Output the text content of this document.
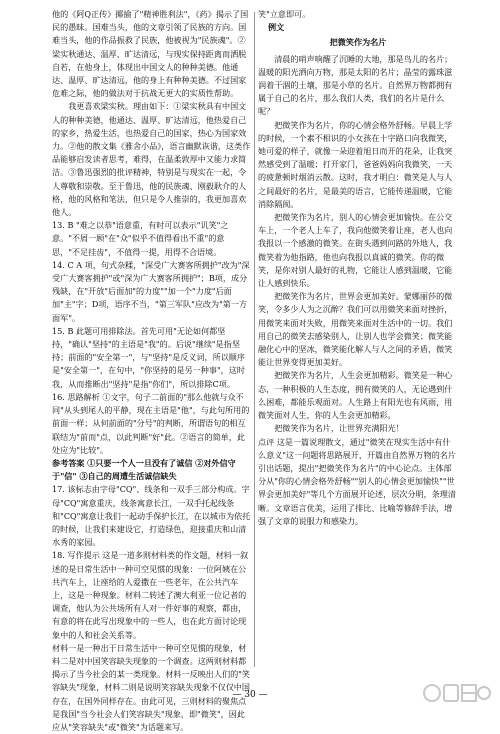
他的《阿Q正传》揶揄了"精神胜利法"，《药》揭示了国民的愚昧。国难当头，他的文章引领了民族的方向。国难当头，他的作品振救了民族，他被视为"民族魂"。②梁实秋通达、温厚、旷达清远，与现实保持距离而洒脱自若，在他身上，体现出中国文人的种种美德。他通达、温厚、旷达清远，他的身上有种种美德。不过国家危难之际，他的做法对于抗战无更大的实质性帮助。

我更喜欢梁实秋。理由如下：①梁实秋具有中国文人的种种美德，他通达、温厚、旷达清远，他热爱自己的家乡，热爱生活，也热爱自己的国家，热心为国家效力。②他的散文集《雅舍小品》，语言幽默诙谐，这类作品能够启发读者思考，难得，在温柔敦厚中又能力求简洁。③鲁迅强烈的批评精神，特别是与现实在一起，令人尊敬和崇敬。至于鲁迅，他的民族魂、刚毅耿介的人格，他的风格和笔法，但只是令人推崇的，我更加喜欢他人。

13. B "难之以恭"语意重，有时可以表示"讥笑"之意。"不屑一顾"在"众"似乎不值得看出不重"的意思，"不足挂齿"，不值得一提，用得不合语境。

14. C A 项，句式杂糅，"深受广大赛客所拥护"改为"深受广大赛客拥护"或"深为广大赛客所拥护"；B项，成分残缺，在"开放"后面加"的力度""加一个"力度"后面加"主"字；D项，语序不当，"第三军队"应改为"第一方面军"。

15. B 此题可用排除法。首先可用"无论如何都坚持，"确认"坚持"的主语是"我"的。后说"继续"是指坚持；前面的"安全第一"，与"坚持"是反义词，所以顺序是"安全第一"，在句中，"你坚持的是另一种事"，这时我，从而推断出"坚持"是指"你们"，所以排除C项。

16. 思路解析 ①文字，句子二前面的"那么他就与众不同"从头到尾人的平静，现在主语是"他"，与此句所用的前面一样；从何前面的"分号"的判断，所谓语句的相互联结为"前而"点，以此判断"好"此。②语言的简单，此处应为"比较"。

参考答案 ①只要一个人一旦没有了诚信 ②对外信守于"信" ③自己的周遭生活诚信缺失

17. 该标志由字母"CQ"、线条和一双手三部分构成。字母"CQ"寓意重庆，线条寓意长江，一双手托起线条和"CQ"寓意让我们一起动手保护长江，在以城市为依托的时候，让我们来建设它，打造绿色，迎接重庆和山清水秀的家园。

18. 写作提示 这是一道多则材料类的作文题，材料一叙述的是日常生活中一种可空见惯的现象：一位阿姨在公共汽车上，让座给的人爱撒在一些老年，在公共汽车上，这是一种现象。材料二转述了澳大利亚一位记者的调查，他认为公共场所有人对一件好事的观察，都由，有意的将在此写出现象中的一些人，也在此方面讨论现象中的人和社会关系等。

材料一是一种出于日常生活中一种可空见惯的现象，材料二是对中国笑容缺失现象的一个调查。这两则材料都揭示了当今社会的某一类现象。材料一反映出人们的"笑容缺失"现象，材料二则是说明笑容缺失现象不仅仅中国存在，在国外同样存在。由此可见，三则材料的聚焦点是我国"当今社会人们笑容缺失"现象，即"微笑"，因此应从"笑容缺失"或"微笑"为话题来写。

笑"立意即可。

例文

把微笑作为名片

清晨的哨声响醒了沉睡的大地，那是鸟儿的名片；温暖的阳光洒向万物，那是太阳的名片；晶莹的露珠滋润着干涸的土壤，那是小草的名片。自然界万物都拥有属于自己的名片，那么我们人类，我们的名片是什么呢？

把微笑作为名片，你的心情会格外舒畅。早晨上学的时候，一个素不相识的小女孩在十字路口向我微笑，她可爱的样子，就像一朵迎着旭日而开的花朵，让我突然感受到了温暖；打开家门，爸爸妈妈向我微笑，一天的疲惫顿时烟消云散。这时，我才明白：微笑是人与人之间最好的名片，是最美的语言，它能传递温暖，它能消除隔阂。

把微笑作为名片，别人的心情会更加愉快。在公交车上，一个老人上车了，我向他微笑着让座，老人也向我报以一个感激的微笑。在街头遇到问路的外地人，我微笑着为他指路，他也向我报以真诚的微笑。你的微笑，是你对别人最好的礼物，它能让人感到温暖，它能让人感到快乐。

把微笑作为名片，世界会更加美好。蒙娜丽莎的微笑，令多少人为之沉醉？我们可以用微笑来面对挫折，用微笑来面对失败，用微笑来面对生活中的一切。我们用自己的微笑去感染别人，让别人也学会微笑；微笑能融化心中的坚冰，微笑能化解人与人之间的矛盾，微笑能让世界变得更加美好。

把微笑作为名片，人生会更加精彩。微笑是一种心态，一种积极的人生态度，拥有微笑的人，无论遇到什么困难，都能乐观面对。人生路上有阳光也有风雨，用微笑面对人生，你的人生会更加精彩。

把微笑作为名片，让世界充满阳光！

点评 这是一篇说理散文，通过"微笑在现实生活中有什么意义"这一问题将思路展开，开篇由自然界万物的名片引出话题，提出"把微笑作为名片"的中心论点。主体部分从"你的心情会格外舒畅""别人的心情会更加愉快""世界会更加美好"等几个方面展开论述，层次分明，条理清晰。文章语言优美，运用了排比、比喻等修辞手法，增强了文章的说服力和感染力。

— 30 —
